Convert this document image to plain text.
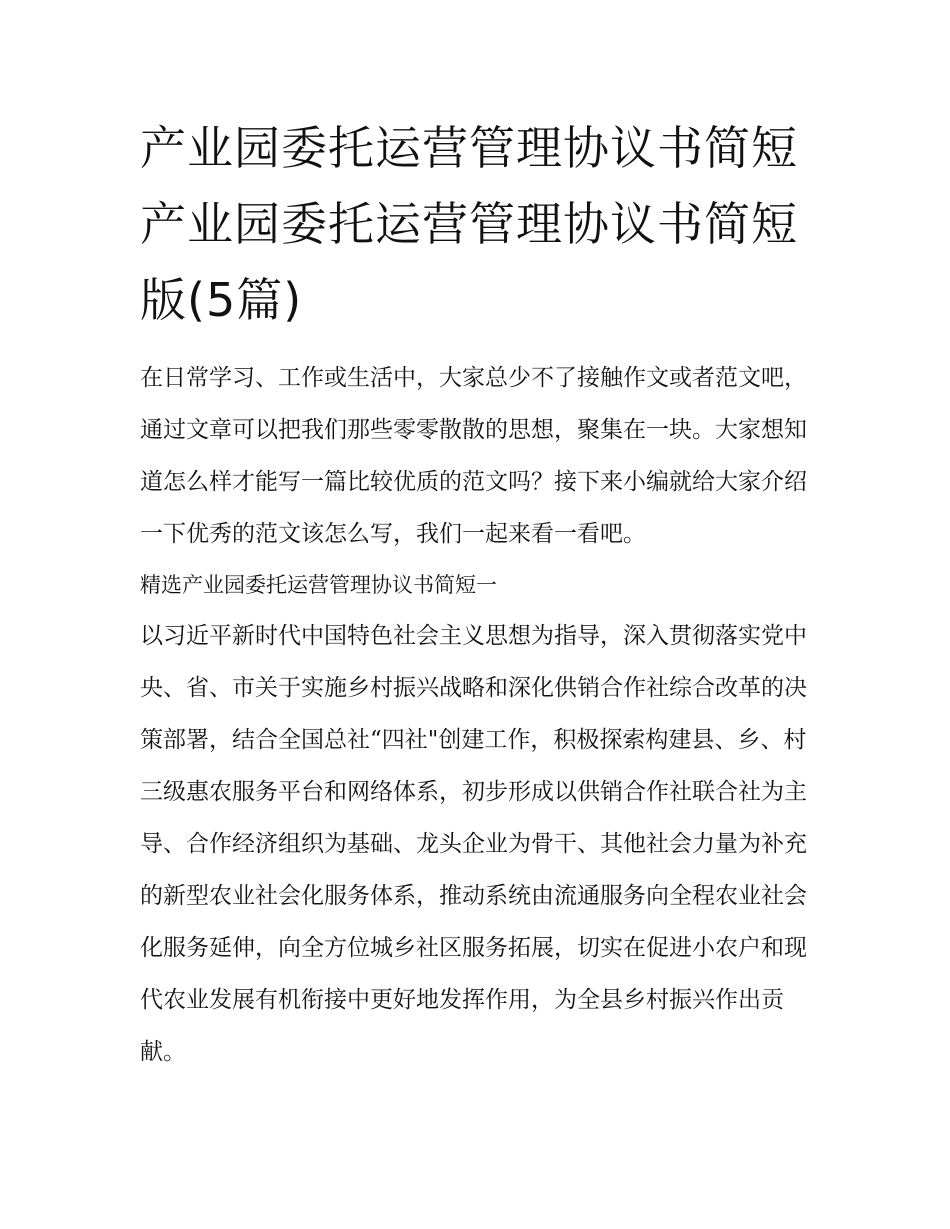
产业园委托运营管理协议书简短 产业园委托运营管理协议书简短版(5篇)

在日常学习、工作或生活中，大家总少不了接触作文或者范文吧，通过文章可以把我们那些零零散散的思想，聚集在一块。大家想知道怎么样才能写一篇比较优质的范文吗？接下来小编就给大家介绍一下优秀的范文该怎么写，我们一起来看一看吧。

精选产业园委托运营管理协议书简短一

以习近平新时代中国特色社会主义思想为指导，深入贯彻落实党中央、省、市关于实施乡村振兴战略和深化供销合作社综合改革的决策部署，结合全国总社“四社"创建工作，积极探索构建县、乡、村三级惠农服务平台和网络体系，初步形成以供销合作社联合社为主导、合作经济组织为基础、龙头企业为骨干、其他社会力量为补充的新型农业社会化服务体系，推动系统由流通服务向全程农业社会化服务延伸，向全方位城乡社区服务拓展，切实在促进小农户和现代农业发展有机衔接中更好地发挥作用，为全县乡村振兴作出贡献。
